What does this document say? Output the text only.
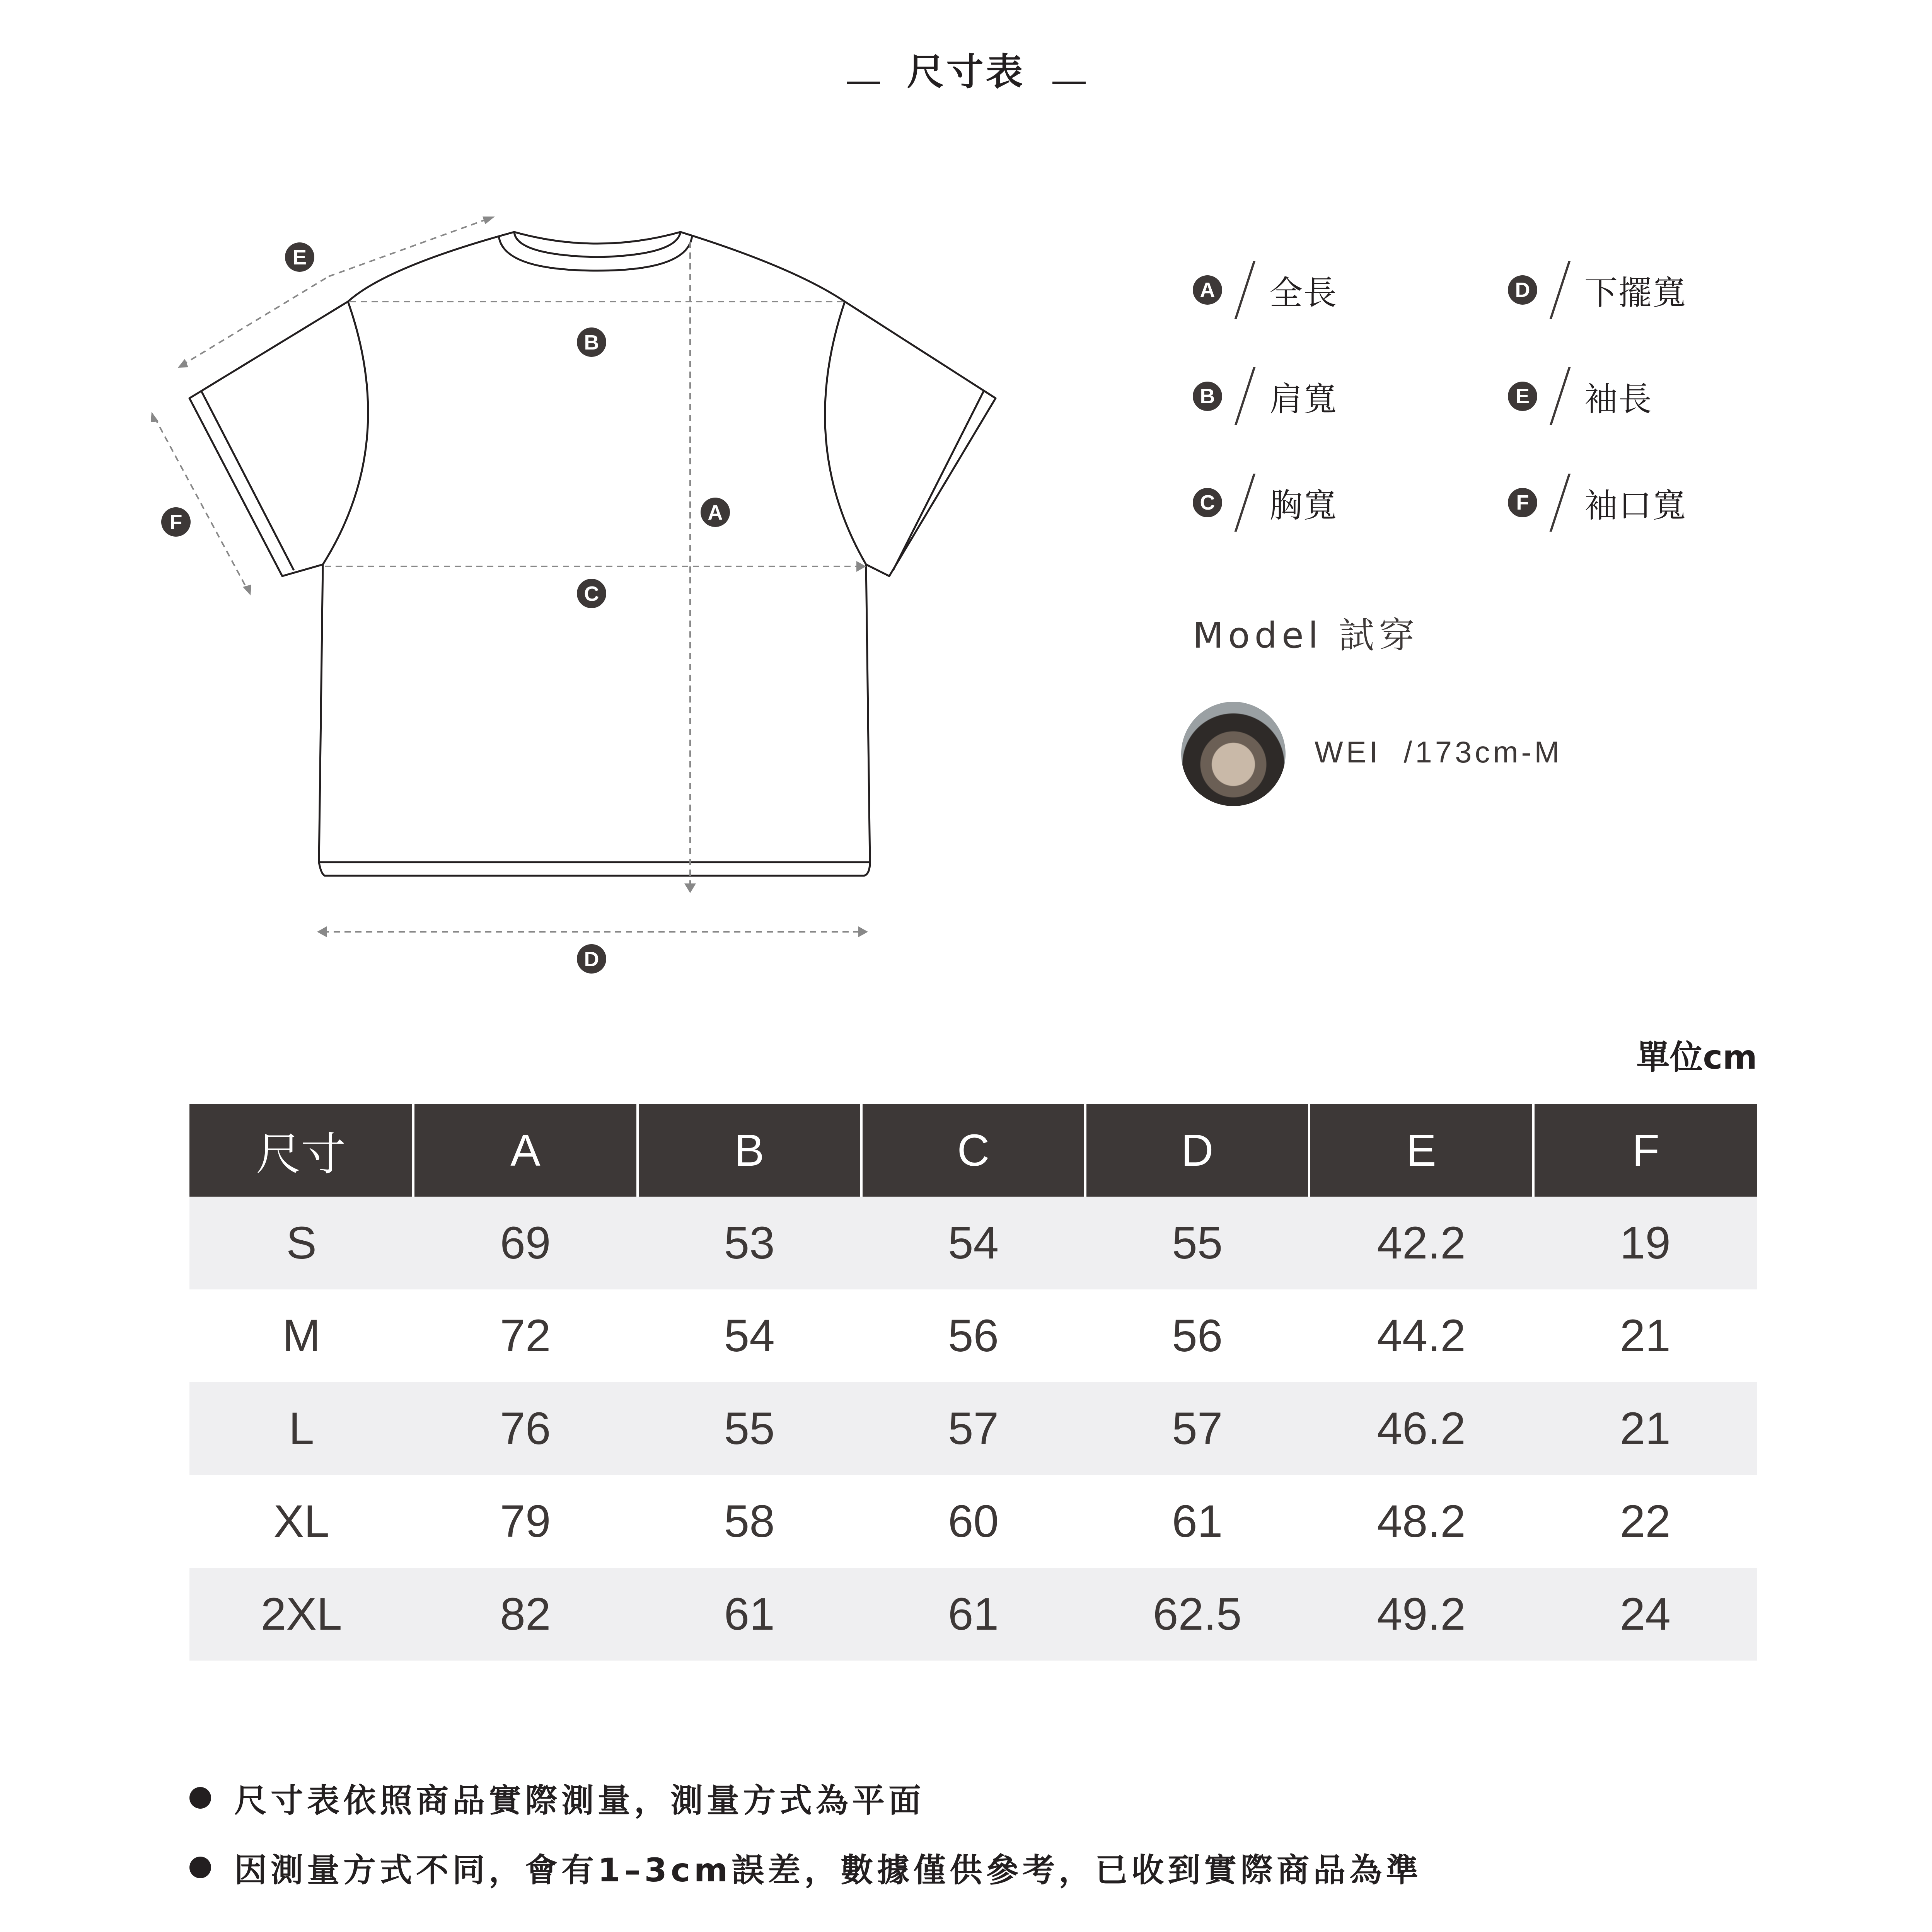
尺寸表
E
B
A
C
F
D
A 全長	D 下擺寬
B 肩寬	E 袖長
C 胸寬	F 袖口寬
Model 試穿
WEI  /173cm-M
單位cm
尺寸	A	B	C	D	E	F
S	69	53	54	55	42.2	19
M	72	54	56	56	44.2	21
L	76	55	57	57	46.2	21
XL	79	58	60	61	48.2	22
2XL	82	61	61	62.5	49.2	24
尺寸表依照商品實際測量，測量方式為平面
因測量方式不同，會有1–3cm誤差，數據僅供參考，已收到實際商品為準
